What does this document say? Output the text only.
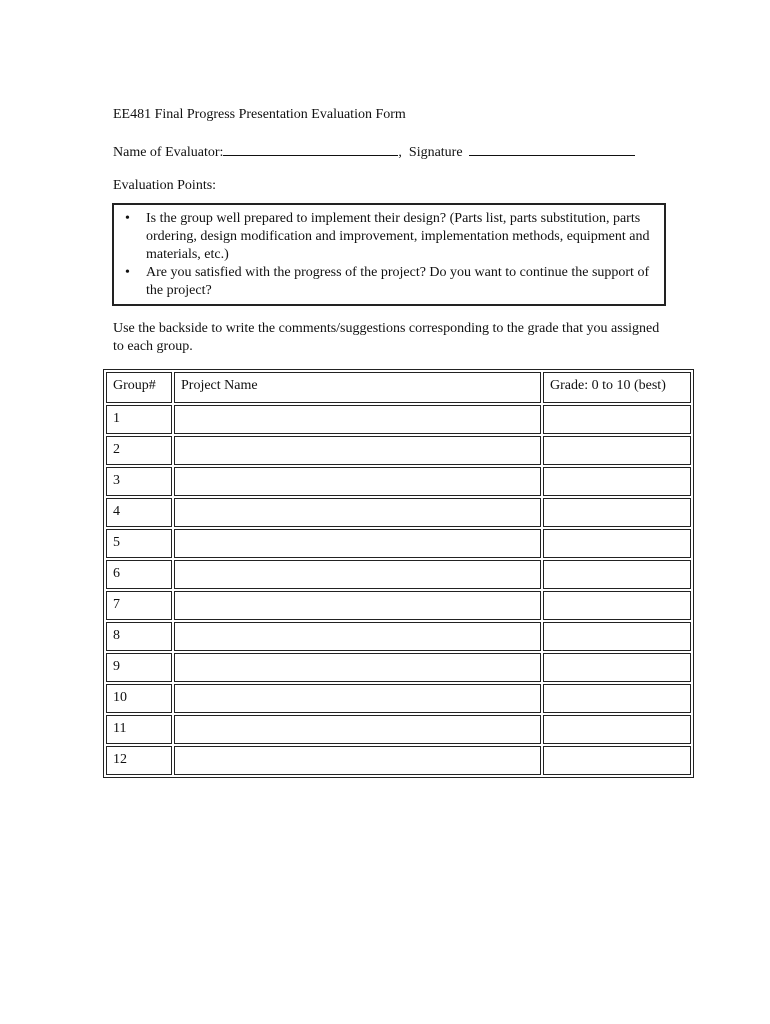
EE481 Final Progress Presentation Evaluation Form
Name of Evaluator:	,  Signature
Evaluation Points:
• Is the group well prepared to implement their design? (Parts list, parts substitution, parts ordering, design modification and improvement, implementation methods, equipment and materials, etc.)
• Are you satisfied with the progress of the project? Do you want to continue the support of the project?
Use the backside to write the comments/suggestions corresponding to the grade that you assigned to each group.
Group#	Project Name	Grade: 0 to 10 (best)
1		
2		
3		
4		
5		
6		
7		
8		
9		
10		
11		
12		
